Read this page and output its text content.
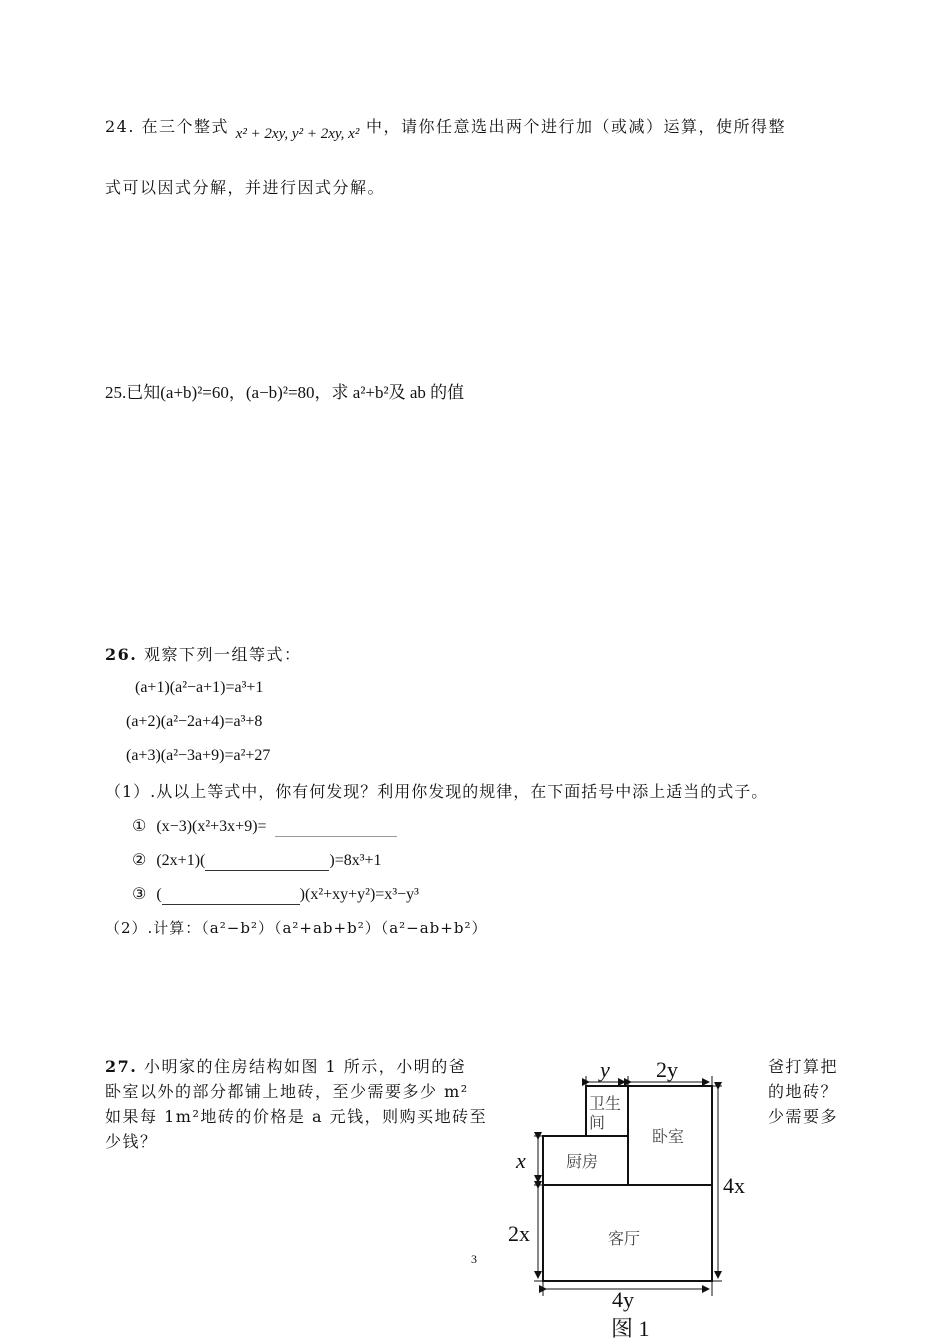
24. 在三个整式 x² + 2xy, y² + 2xy, x² 中，请你任意选出两个进行加（或减）运算，使所得整
式可以因式分解，并进行因式分解。
25.已知(a+b)²=60，(a−b)²=80，求 a²+b²及 ab 的值
26. 观察下列一组等式：
(a+1)(a²−a+1)=a³+1
(a+2)(a²−2a+4)=a³+8
(a+3)(a²−3a+9)=a²+27
（1）.从以上等式中，你有何发现？利用你发现的规律，在下面括号中添上适当的式子。
① (x−3)(x²+3x+9)=
② (2x+1)(	)=8x³+1
③ (	)(x²+xy+y²)=x³−y³
（2）.计算：（a²−b²）（a²+ab+b²）（a²−ab+b²）
27. 小明家的住房结构如图 1 所示，小明的爸
卧室以外的部分都铺上地砖，至少需要多少 m²
如果每 1m²地砖的价格是 a 元钱，则购买地砖至
少钱？
爸打算把
的地砖？
少需要多
y 2y
x
2x
4x
4y
卫生
间
卧室
厨房
客厅
图 1
3
